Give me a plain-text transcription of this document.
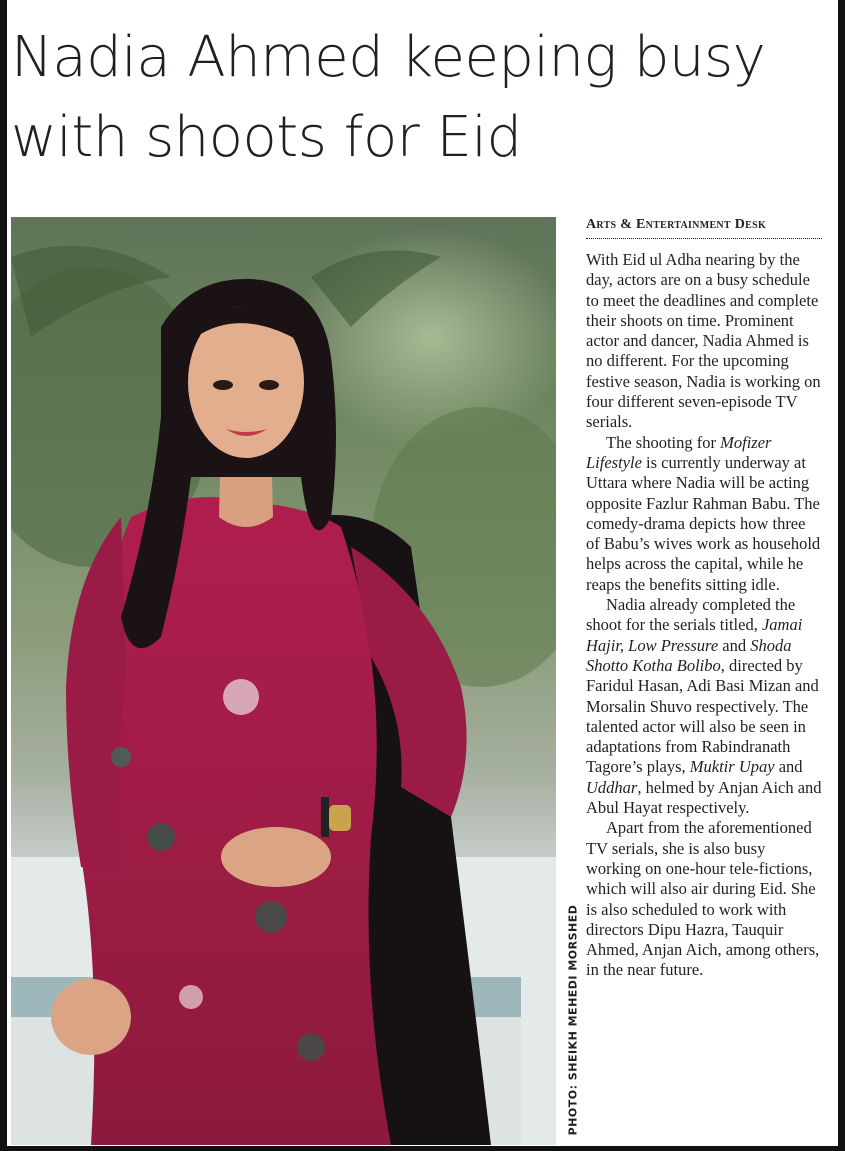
Nadia Ahmed keeping busy with shoots for Eid
PHOTO: SHEIKH MEHEDI MORSHED
Arts & Entertainment Desk

With Eid ul Adha nearing by the day, actors are on a busy schedule to meet the deadlines and complete their shoots on time. Prominent actor and dancer, Nadia Ahmed is no different. For the upcoming festive season, Nadia is working on four different seven-episode TV serials.

The shooting for Mofizer Lifestyle is currently underway at Uttara where Nadia will be acting opposite Fazlur Rahman Babu. The comedy-drama depicts how three of Babu’s wives work as household helps across the capital, while he reaps the benefits sitting idle.

Nadia already completed the shoot for the serials titled, Jamai Hajir, Low Pressure and Shoda Shotto Kotha Bolibo, directed by Faridul Hasan, Adi Basi Mizan and Morsalin Shuvo respectively. The talented actor will also be seen in adaptations from Rabindranath Tagore’s plays, Muktir Upay and Uddhar, helmed by Anjan Aich and Abul Hayat respectively.

Apart from the aforementioned TV serials, she is also busy working on one-hour tele-fictions, which will also air during Eid. She is also scheduled to work with directors Dipu Hazra, Tauquir Ahmed, Anjan Aich, among others, in the near future.
